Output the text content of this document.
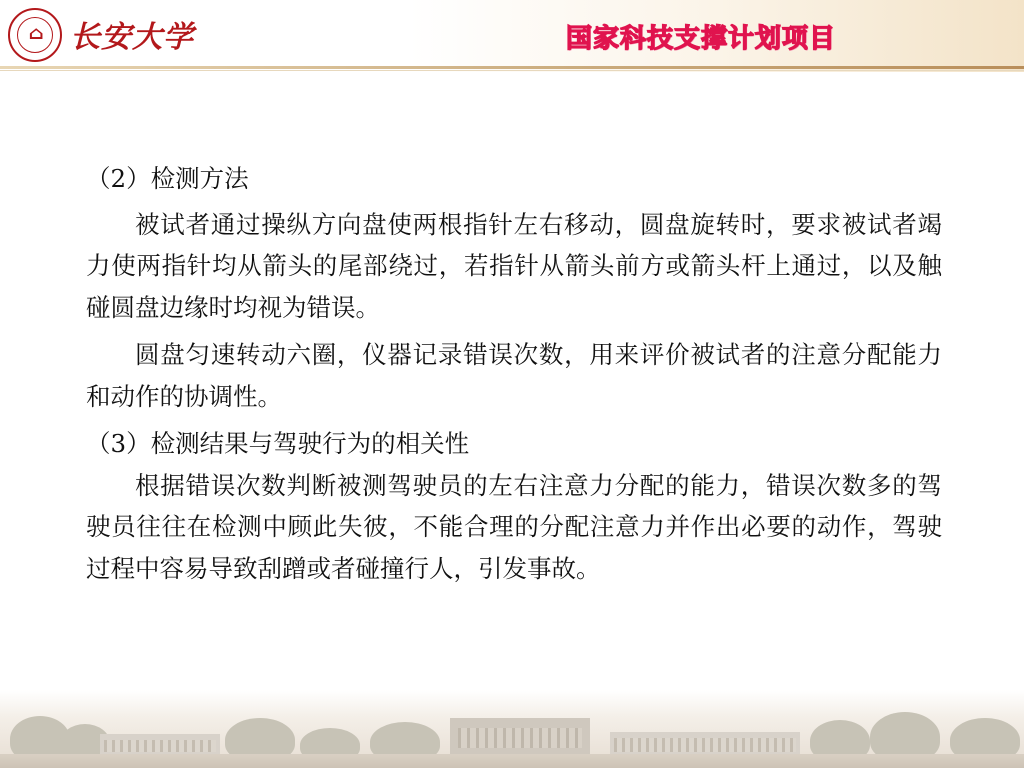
⌂ 长安大学	国家科技支撑计划项目

（2）检测方法

被试者通过操纵方向盘使两根指针左右移动，圆盘旋转时，要求被试者竭力使两指针均从箭头的尾部绕过，若指针从箭头前方或箭头杆上通过，以及触碰圆盘边缘时均视为错误。

圆盘匀速转动六圈，仪器记录错误次数，用来评价被试者的注意分配能力和动作的协调性。

（3）检测结果与驾驶行为的相关性

根据错误次数判断被测驾驶员的左右注意力分配的能力，错误次数多的驾驶员往往在检测中顾此失彼，不能合理的分配注意力并作出必要的动作，驾驶过程中容易导致刮蹭或者碰撞行人，引发事故。
